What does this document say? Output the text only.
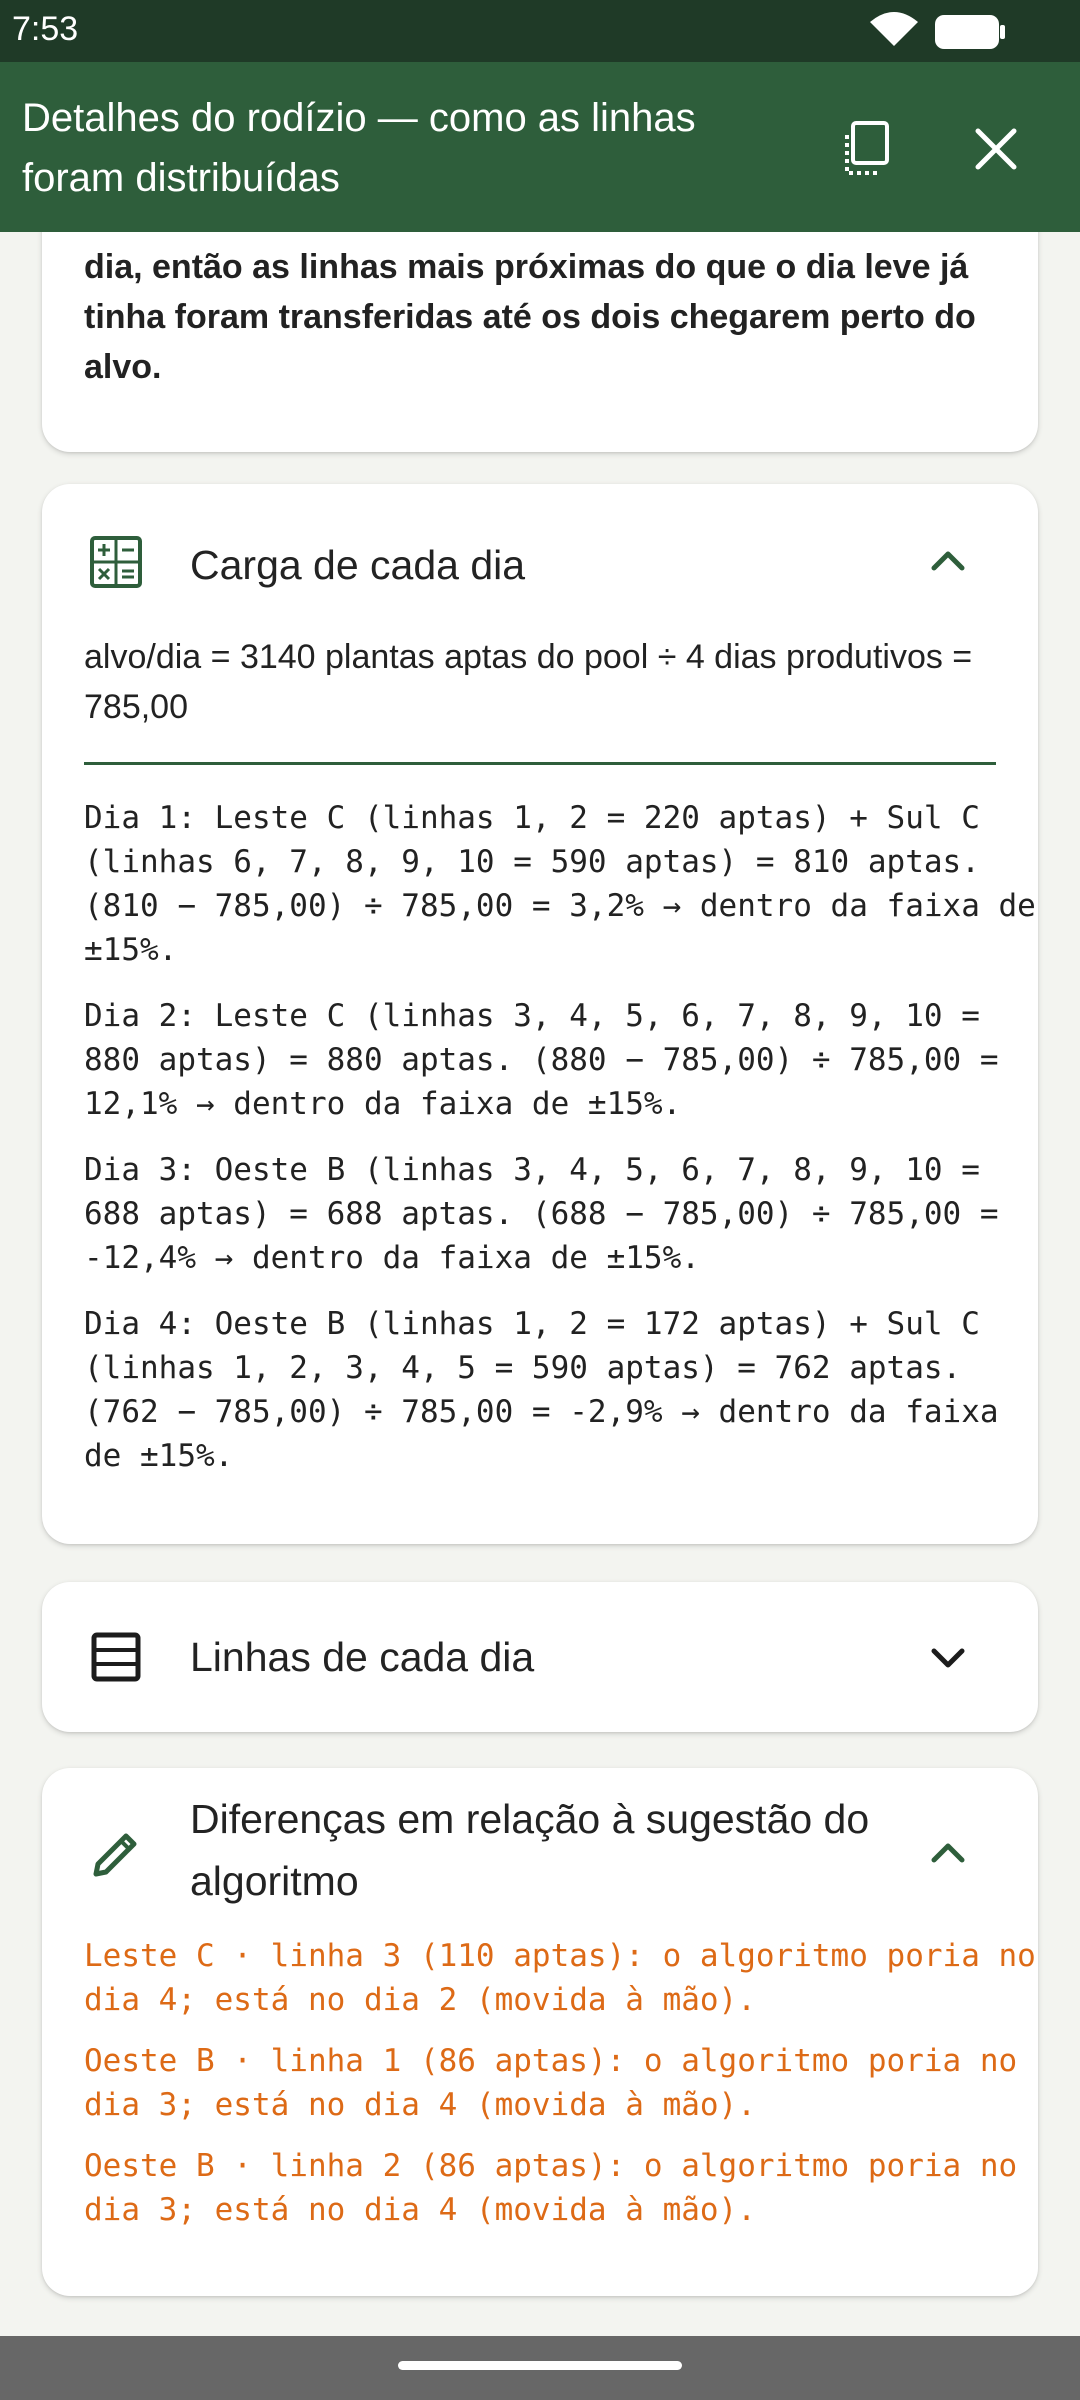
7:53
Detalhes do rodízio — como as linhas foram distribuídas
dia, então as linhas mais próximas do que o dia leve já tinha foram transferidas até os dois chegarem perto do alvo.
Carga de cada dia
alvo/dia = 3140 plantas aptas do pool ÷ 4 dias produtivos = 785,00
Dia 1: Leste C (linhas 1, 2 = 220 aptas) + Sul C (linhas 6, 7, 8, 9, 10 = 590 aptas) = 810 aptas. (810 − 785,00) ÷ 785,00 = 3,2% → dentro da faixa de ±15%.
Dia 2: Leste C (linhas 3, 4, 5, 6, 7, 8, 9, 10 = 880 aptas) = 880 aptas. (880 − 785,00) ÷ 785,00 = 12,1% → dentro da faixa de ±15%.
Dia 3: Oeste B (linhas 3, 4, 5, 6, 7, 8, 9, 10 = 688 aptas) = 688 aptas. (688 − 785,00) ÷ 785,00 = -12,4% → dentro da faixa de ±15%.
Dia 4: Oeste B (linhas 1, 2 = 172 aptas) + Sul C (linhas 1, 2, 3, 4, 5 = 590 aptas) = 762 aptas. (762 − 785,00) ÷ 785,00 = -2,9% → dentro da faixa de ±15%.
Linhas de cada dia
Diferenças em relação à sugestão do algoritmo
Leste C · linha 3 (110 aptas): o algoritmo poria no dia 4; está no dia 2 (movida à mão).
Oeste B · linha 1 (86 aptas): o algoritmo poria no dia 3; está no dia 4 (movida à mão).
Oeste B · linha 2 (86 aptas): o algoritmo poria no dia 3; está no dia 4 (movida à mão).
